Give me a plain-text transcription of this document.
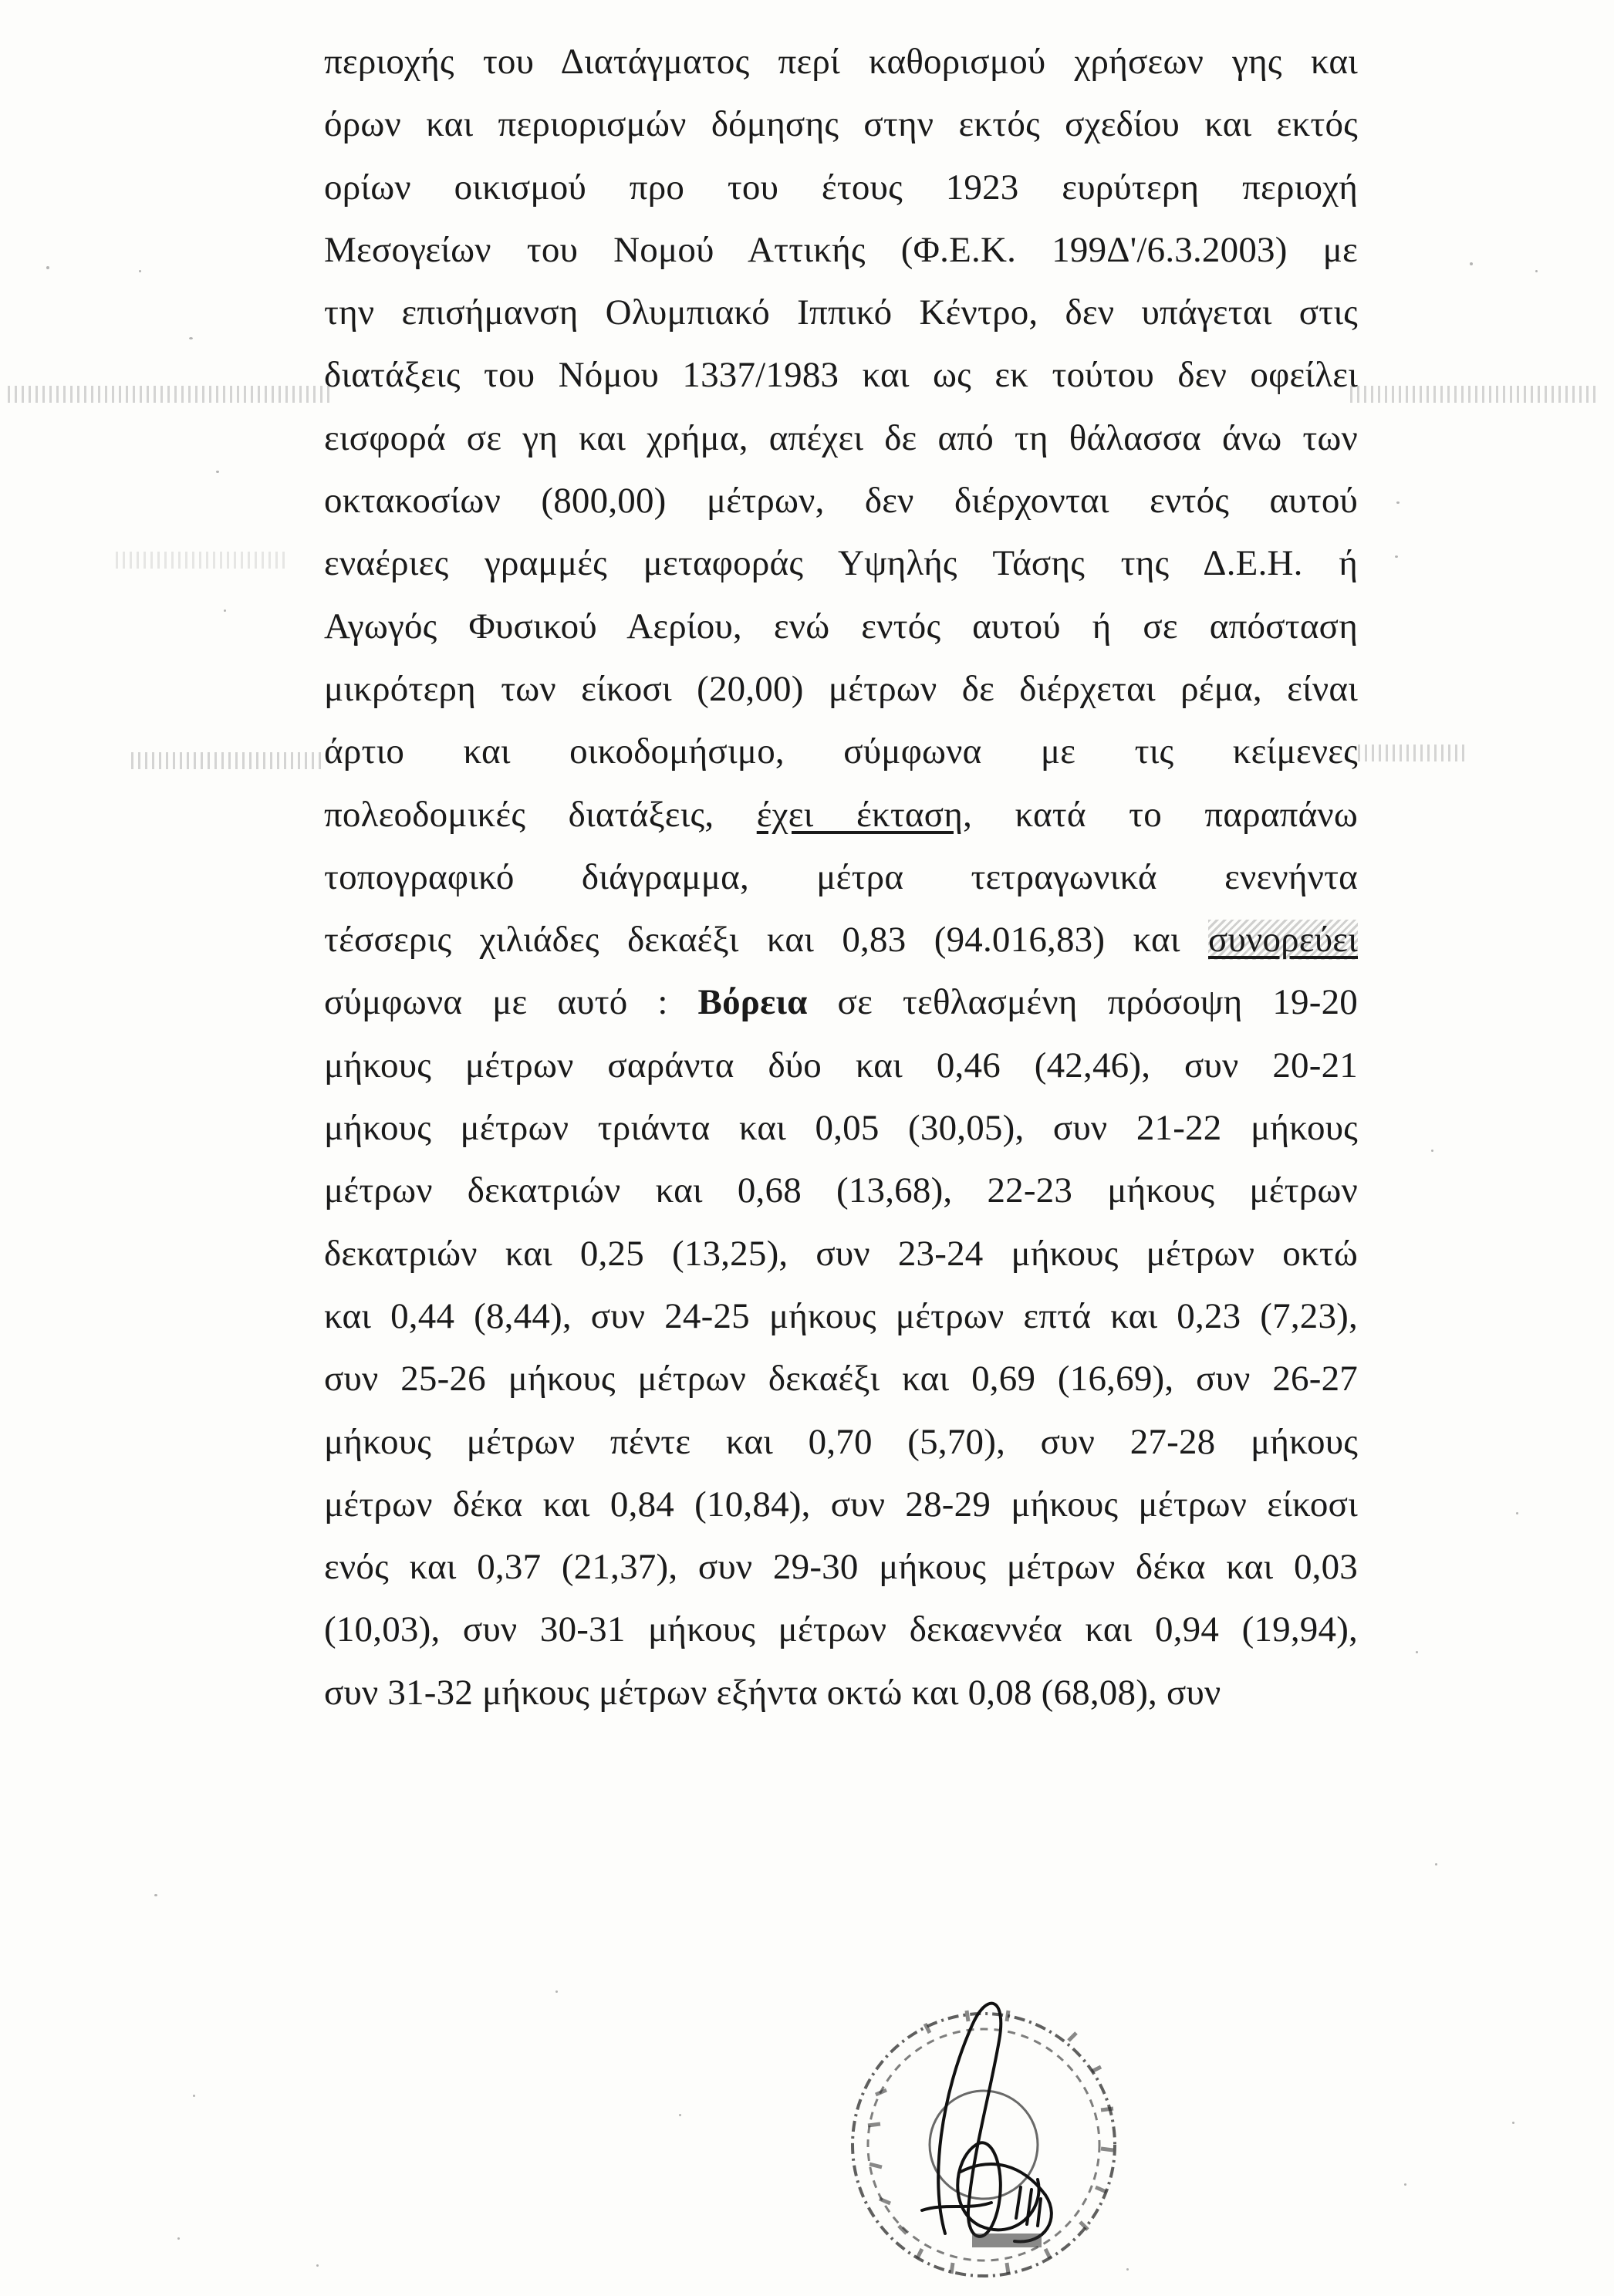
περιοχής του Διατάγματος περί καθορισμού χρήσεων γης και
όρων και περιορισμών δόμησης στην εκτός σχεδίου και εκτός
ορίων οικισμού προ του έτους 1923 ευρύτερη περιοχή
Μεσογείων του Νομού Αττικής (Φ.Ε.Κ. 199Δ'/6.3.2003) με
την επισήμανση Ολυμπιακό Ιππικό Κέντρο, δεν υπάγεται στις
διατάξεις του Νόμου 1337/1983 και ως εκ τούτου δεν οφείλει
εισφορά σε γη και χρήμα, απέχει δε από τη θάλασσα άνω των
οκτακοσίων (800,00) μέτρων, δεν διέρχονται εντός αυτού
εναέριες γραμμές μεταφοράς Υψηλής Τάσης της Δ.Ε.Η. ή
Αγωγός Φυσικού Αερίου, ενώ εντός αυτού ή σε απόσταση
μικρότερη των είκοσι (20,00) μέτρων δε διέρχεται ρέμα, είναι
άρτιο και οικοδομήσιμο, σύμφωνα με τις κείμενες
πολεοδομικές διατάξεις, έχει έκταση, κατά το παραπάνω
τοπογραφικό διάγραμμα, μέτρα τετραγωνικά ενενήντα
τέσσερις χιλιάδες δεκαέξι και 0,83 (94.016,83) και συνορεύει
σύμφωνα με αυτό : Βόρεια σε τεθλασμένη πρόσοψη 19-20
μήκους μέτρων σαράντα δύο και 0,46 (42,46), συν 20-21
μήκους μέτρων τριάντα και 0,05 (30,05), συν 21-22 μήκους
μέτρων δεκατριών και 0,68 (13,68), 22-23 μήκους μέτρων
δεκατριών και 0,25 (13,25), συν 23-24 μήκους μέτρων οκτώ
και 0,44 (8,44), συν 24-25 μήκους μέτρων επτά και 0,23 (7,23),
συν 25-26 μήκους μέτρων δεκαέξι και 0,69 (16,69), συν 26-27
μήκους μέτρων πέντε και 0,70 (5,70), συν 27-28 μήκους
μέτρων δέκα και 0,84 (10,84), συν 28-29 μήκους μέτρων είκοσι
ενός και 0,37 (21,37), συν 29-30 μήκους μέτρων δέκα και 0,03
(10,03), συν 30-31 μήκους μέτρων δεκαεννέα και 0,94 (19,94),
συν 31-32 μήκους μέτρων εξήντα οκτώ και 0,08 (68,08), συν
